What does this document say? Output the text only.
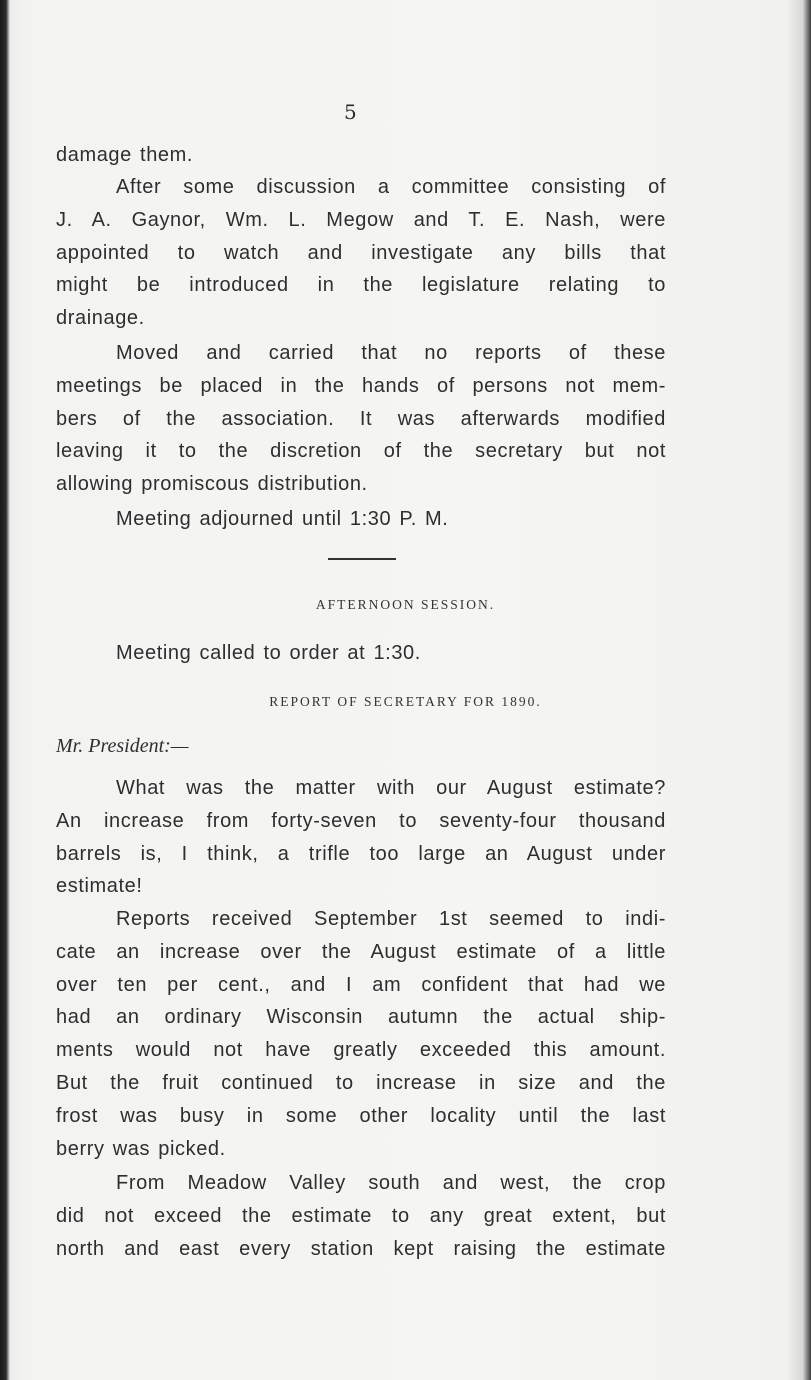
5
damage them.
After some discussion a committee consisting of
J. A. Gaynor, Wm. L. Megow and T. E. Nash, were
appointed to watch and investigate any bills that
might be introduced in the legislature relating to
drainage.
Moved and carried that no reports of these
meetings be placed in the hands of persons not mem-
bers of the association. It was afterwards modified
leaving it to the discretion of the secretary but not
allowing promiscous distribution.
Meeting adjourned until 1:30 P. M.
AFTERNOON SESSION.
Meeting called to order at 1:30.
REPORT OF SECRETARY FOR 1890.
Mr. President:—
What was the matter with our August estimate?
An increase from forty-seven to seventy-four thousand
barrels is, I think, a trifle too large an August under
estimate!
Reports received September 1st seemed to indi-
cate an increase over the August estimate of a little
over ten per cent., and I am confident that had we
had an ordinary Wisconsin autumn the actual ship-
ments would not have greatly exceeded this amount.
But the fruit continued to increase in size and the
frost was busy in some other locality until the last
berry was picked.
From Meadow Valley south and west, the crop
did not exceed the estimate to any great extent, but
north and east every station kept raising the estimate
